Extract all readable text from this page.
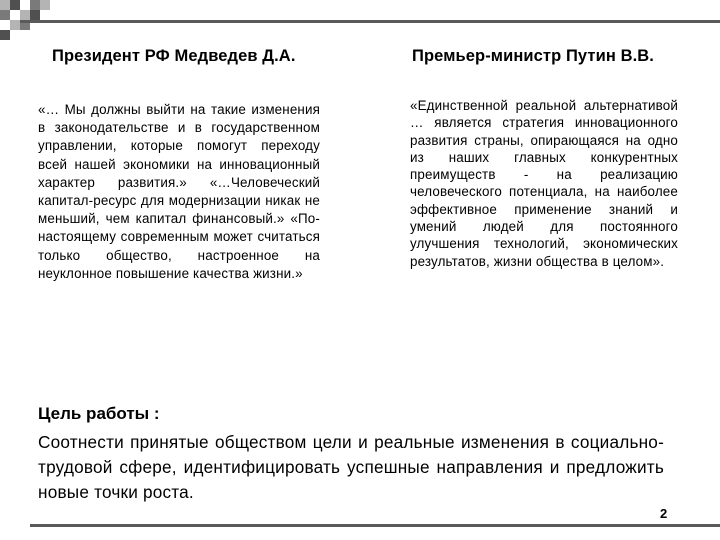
Президент РФ Медведев Д.А.	Премьер-министр Путин В.В.

«… Мы должны выйти на такие изменения в законодательстве и в государственном управлении, которые помогут переходу всей нашей экономики на инновационный характер развития.» «…Человеческий капитал-ресурс для модернизации никак не меньший, чем капитал финансовый.» «По-настоящему современным может считаться только общество, настроенное на неуклонное повышение качества жизни.»

«Единственной реальной альтернативой … является стратегия инновационного развития страны, опирающаяся на одно из наших главных конкурентных преимуществ - на реализацию человеческого потенциала, на наиболее эффективное применение знаний и умений людей для постоянного улучшения технологий, экономических результатов, жизни общества в целом».

Цель работы :

Соотнести принятые обществом цели и реальные изменения в социально-трудовой сфере, идентифицировать успешные направления и предложить новые точки роста.

2
